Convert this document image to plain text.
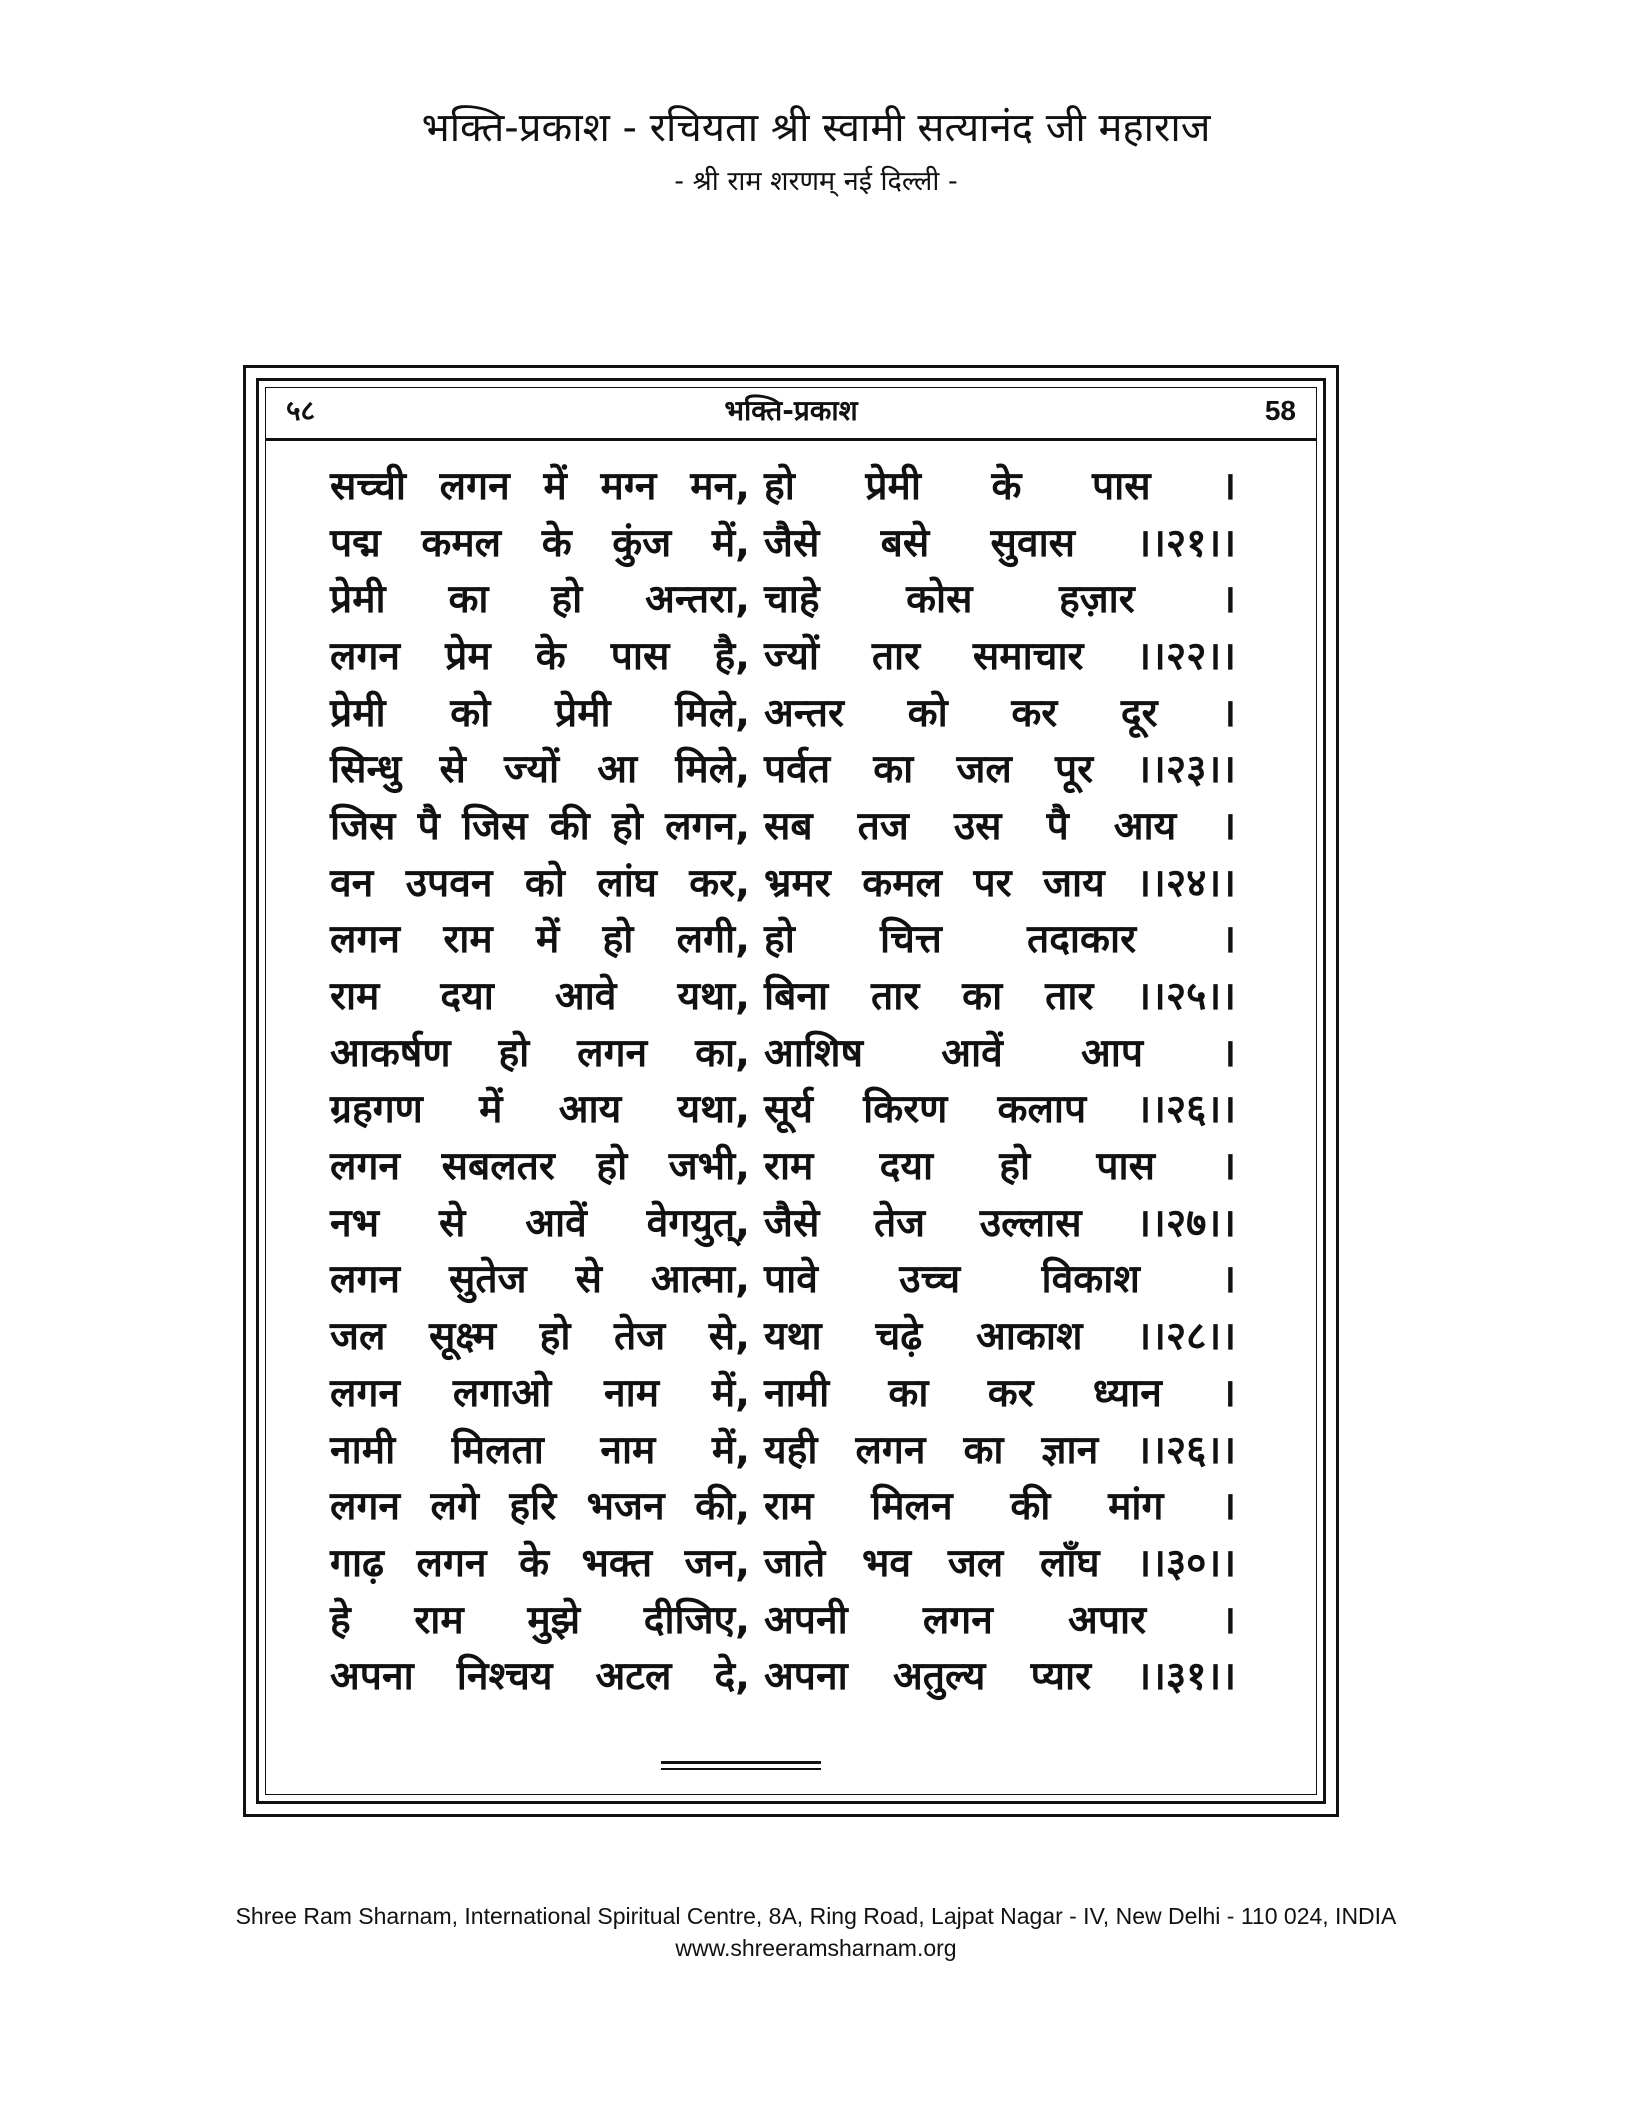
भक्ति-प्रकाश - रचियता श्री स्वामी सत्यानंद जी महाराज
- श्री राम शरणम् नई दिल्ली -
५८	भक्ति-प्रकाश	58
सच्ची लगन में मग्न मन, हो प्रेमी के पास ।
पद्म कमल के कुंज में, जैसे बसे सुवास ।।२१।।
प्रेमी का हो अन्तरा, चाहे कोस हज़ार ।
लगन प्रेम के पास है, ज्यों तार समाचार ।।२२।।
प्रेमी को प्रेमी मिले, अन्तर को कर दूर ।
सिन्धु से ज्यों आ मिले, पर्वत का जल पूर ।।२३।।
जिस पै जिस की हो लगन, सब तज उस पै आय ।
वन उपवन को लांघ कर, भ्रमर कमल पर जाय ।।२४।।
लगन राम में हो लगी, हो चित्त तदाकार ।
राम दया आवे यथा, बिना तार का तार ।।२५।।
आकर्षण हो लगन का, आशिष आवें आप ।
ग्रहगण में आय यथा, सूर्य किरण कलाप ।।२६।।
लगन सबलतर हो जभी, राम दया हो पास ।
नभ से आवें वेगयुत्, जैसे तेज उल्लास ।।२७।।
लगन सुतेज से आत्मा, पावे उच्च विकाश ।
जल सूक्ष्म हो तेज से, यथा चढ़े आकाश ।।२८।।
लगन लगाओ नाम में, नामी का कर ध्यान ।
नामी मिलता नाम में, यही लगन का ज्ञान ।।२६।।
लगन लगे हरि भजन की, राम मिलन की मांग ।
गाढ़ लगन के भक्त जन, जाते भव जल लाँघ ।।३०।।
हे राम मुझे दीजिए, अपनी लगन अपार ।
अपना निश्चय अटल दे, अपना अतुल्य प्यार ।।३१।।
Shree Ram Sharnam, International Spiritual Centre, 8A, Ring Road, Lajpat Nagar - IV, New Delhi - 110 024, INDIA
www.shreeramsharnam.org
